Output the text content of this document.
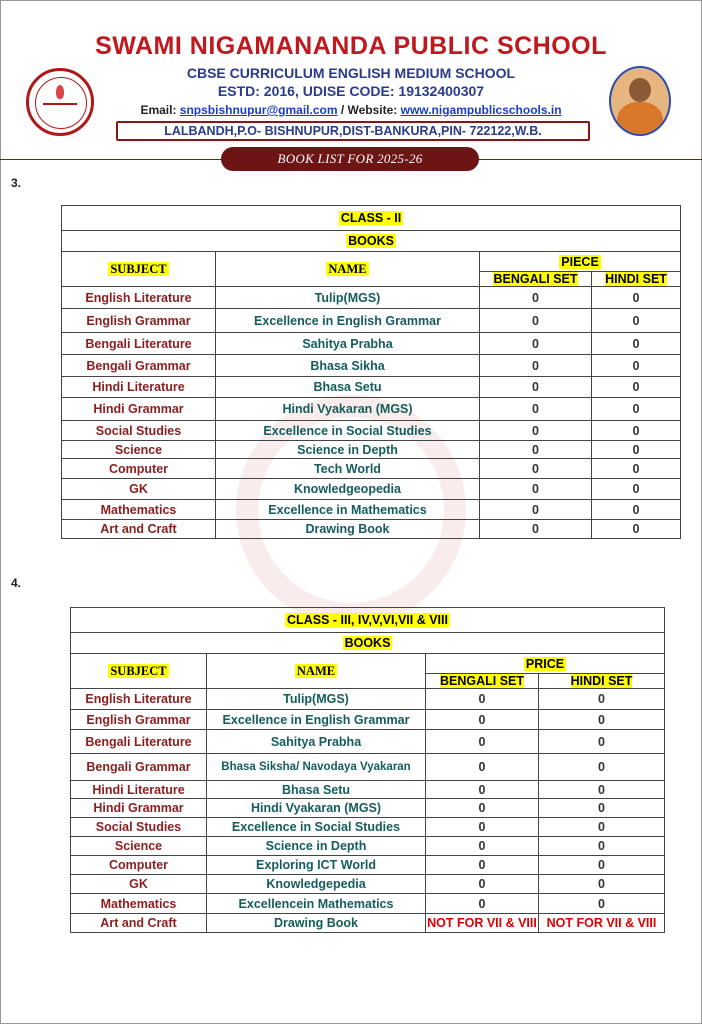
SWAMI NIGAMANANDA PUBLIC SCHOOL
CBSE CURRICULUM ENGLISH MEDIUM SCHOOL
ESTD: 2016, UDISE CODE: 19132400307
Email: snpsbishnupur@gmail.com / Website: www.nigampublicschools.in
LALBANDH,P.O- BISHNUPUR,DIST-BANKURA,PIN- 722122,W.B.
BOOK LIST FOR 2025-26
3.
CLASS - II			
BOOKS			
SUBJECT	NAME	PIECE	
		BENGALI SET	HINDI SET
English Literature	Tulip(MGS)	0	0
English Grammar	Excellence in English Grammar	0	0
Bengali Literature	Sahitya Prabha	0	0
Bengali Grammar	Bhasa Sikha	0	0
Hindi Literature	Bhasa Setu	0	0
Hindi Grammar	Hindi Vyakaran (MGS)	0	0
Social Studies	Excellence in Social Studies	0	0
Science	Science in Depth	0	0
Computer	Tech World	0	0
GK	Knowledgeopedia	0	0
Mathematics	Excellence in Mathematics	0	0
Art and Craft	Drawing Book	0	0
4.
CLASS - III, IV,V,VI,VII & VIII			
BOOKS			
SUBJECT	NAME	PRICE	
		BENGALI SET	HINDI SET
English Literature	Tulip(MGS)	0	0
English Grammar	Excellence in English Grammar	0	0
Bengali Literature	Sahitya Prabha	0	0
Bengali Grammar	Bhasa Siksha/ Navodaya Vyakaran	0	0
Hindi Literature	Bhasa Setu	0	0
Hindi Grammar	Hindi Vyakaran (MGS)	0	0
Social Studies	Excellence in Social Studies	0	0
Science	Science in Depth	0	0
Computer	Exploring ICT World	0	0
GK	Knowledgepedia	0	0
Mathematics	Excellencein Mathematics	0	0
Art and Craft	Drawing Book	NOT FOR VII & VIII	NOT FOR VII & VIII
